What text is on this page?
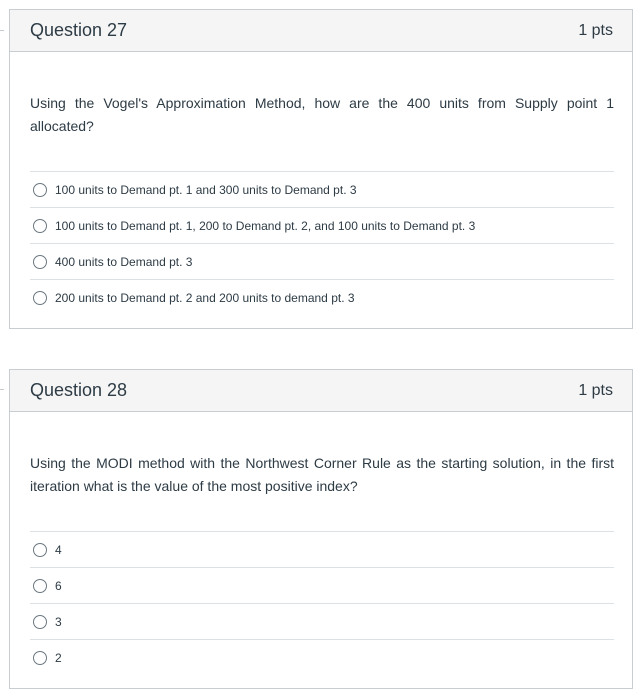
Question 27	1 pts

Using the Vogel's Approximation Method, how are the 400 units from Supply point 1 allocated?

100 units to Demand pt. 1 and 300 units to Demand pt. 3
100 units to Demand pt. 1, 200 to Demand pt. 2, and 100 units to Demand pt. 3
400 units to Demand pt. 3
200 units to Demand pt. 2 and 200 units to demand pt. 3
Question 28	1 pts

Using the MODI method with the Northwest Corner Rule as the starting solution, in the first iteration what is the value of the most positive index?

4
6
3
2
